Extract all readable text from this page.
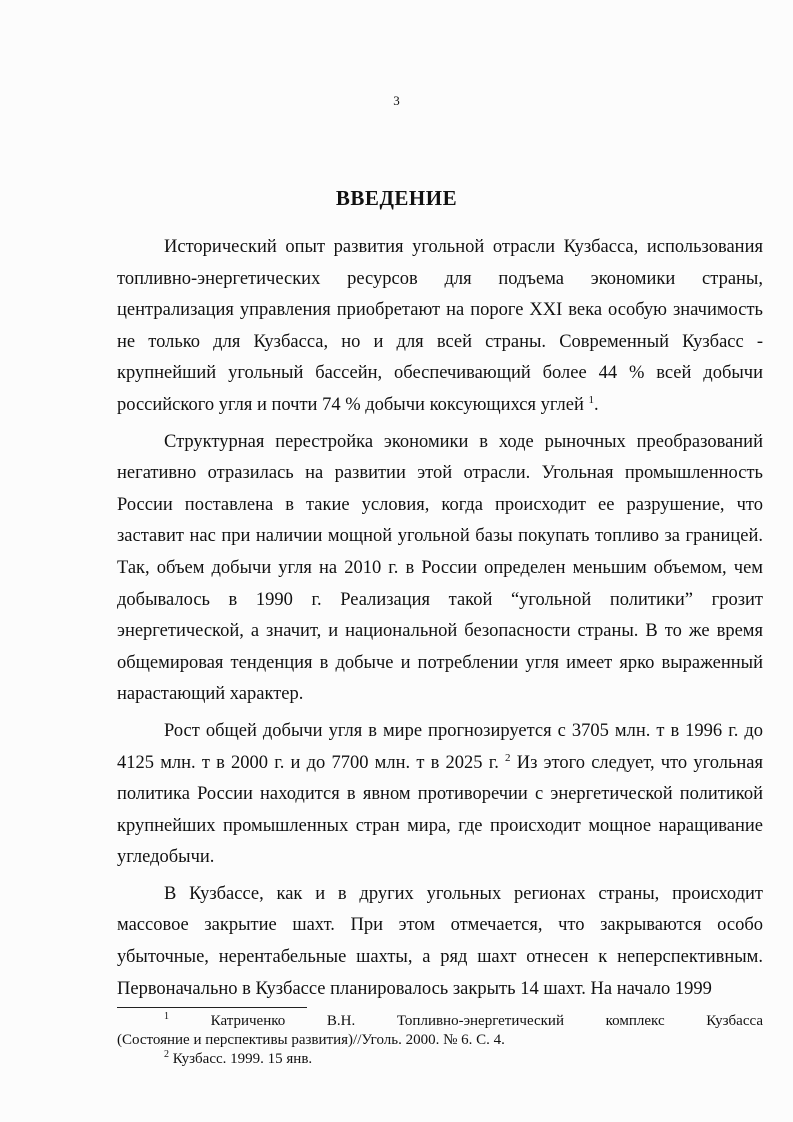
3
ВВЕДЕНИЕ

Исторический опыт развития угольной отрасли Кузбасса, использования топливно-энергетических ресурсов для подъема экономики страны, централизация управления приобретают на пороге XXI века особую значимость не только для Кузбасса, но и для всей страны. Современный Кузбасс - крупнейший угольный бассейн, обеспечивающий более 44 % всей добычи российского угля и почти 74 % добычи коксующихся углей $^1$.

Структурная перестройка экономики в ходе рыночных преобразований негативно отразилась на развитии этой отрасли. Угольная промышленность России поставлена в такие условия, когда происходит ее разрушение, что заставит нас при наличии мощной угольной базы покупать топливо за границей. Так, объем добычи угля на 2010 г. в России определен меньшим объемом, чем добывалось в 1990 г. Реализация такой “угольной политики” грозит энергетической, а значит, и национальной безопасности страны. В то же время общемировая тенденция в добыче и потреблении угля имеет ярко выраженный нарастающий характер.

Рост общей добычи угля в мире прогнозируется с 3705 млн. т в 1996 г. до 4125 млн. т в 2000 г. и до 7700 млн. т в 2025 г. $^2$ Из этого следует, что угольная политика России находится в явном противоречии с энергетической политикой крупнейших промышленных стран мира, где происходит мощное наращивание угледобычи.

В Кузбассе, как и в других угольных регионах страны, происходит массовое закрытие шахт. При этом отмечается, что закрываются особо убыточные, нерентабельные шахты, а ряд шахт отнесен к неперспективным. Первоначально в Кузбассе планировалось закрыть 14 шахт. На начало 1999

$^1$	Катриченко В.Н. Топливно-энергетический комплекс Кузбасса

(Состояние и перспективы развития)//Уголь. 2000. № 6. С. 4.

$^2$ Кузбасс. 1999. 15 янв.
